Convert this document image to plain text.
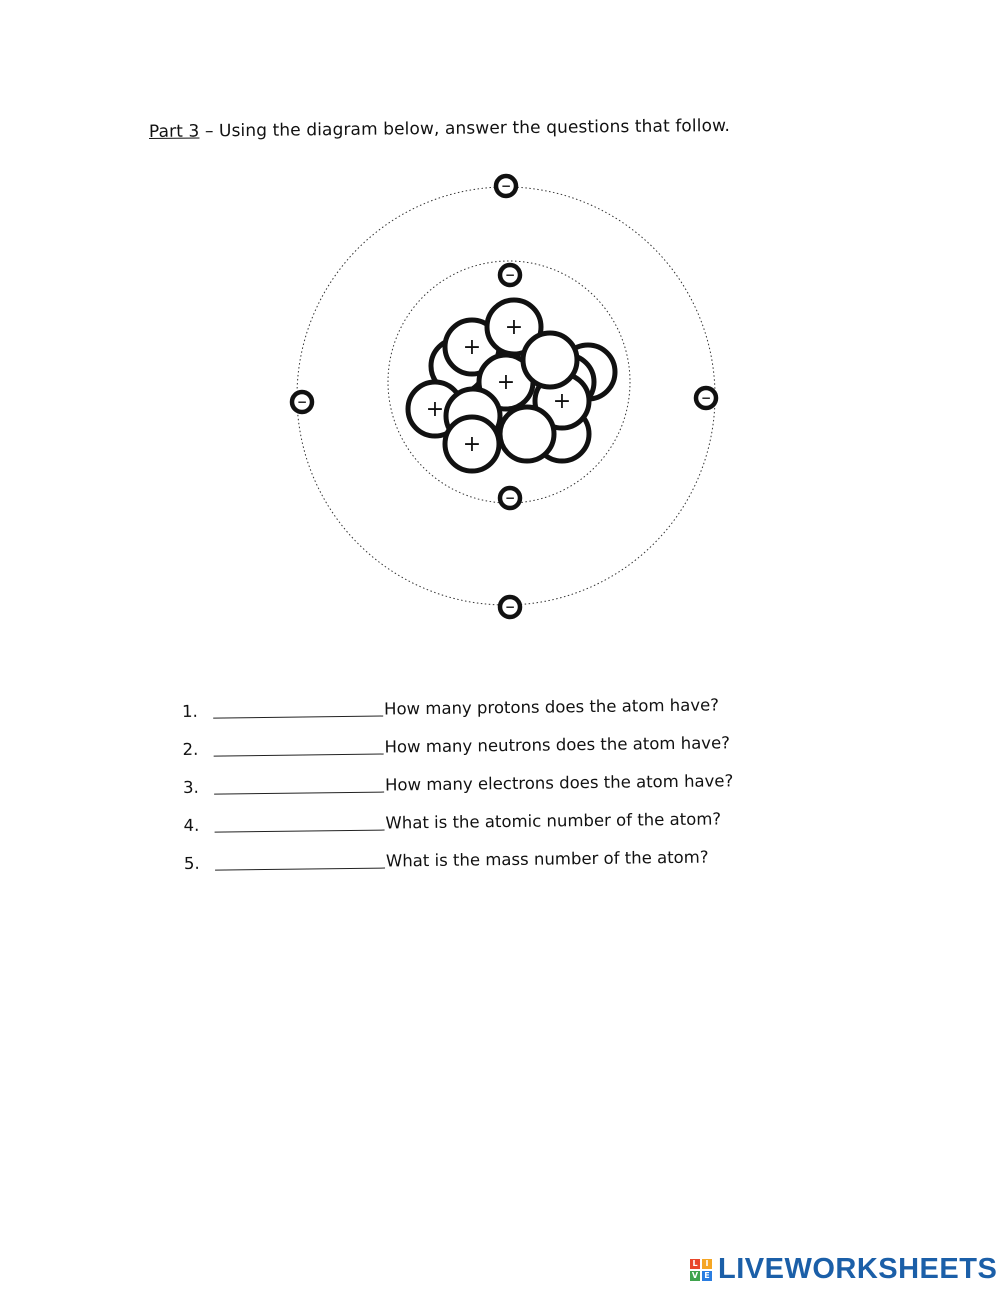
Part 3 – Using the diagram below, answer the questions that follow.
+
+
+
+
+
+
−
−
−
−	−
−
1.	How many protons does the atom have?
2.	How many neutrons does the atom have?
3.	How many electrons does the atom have?
4.	What is the atomic number of the atom?
5.	What is the mass number of the atom?
L I
V E LIVEWORKSHEETS
